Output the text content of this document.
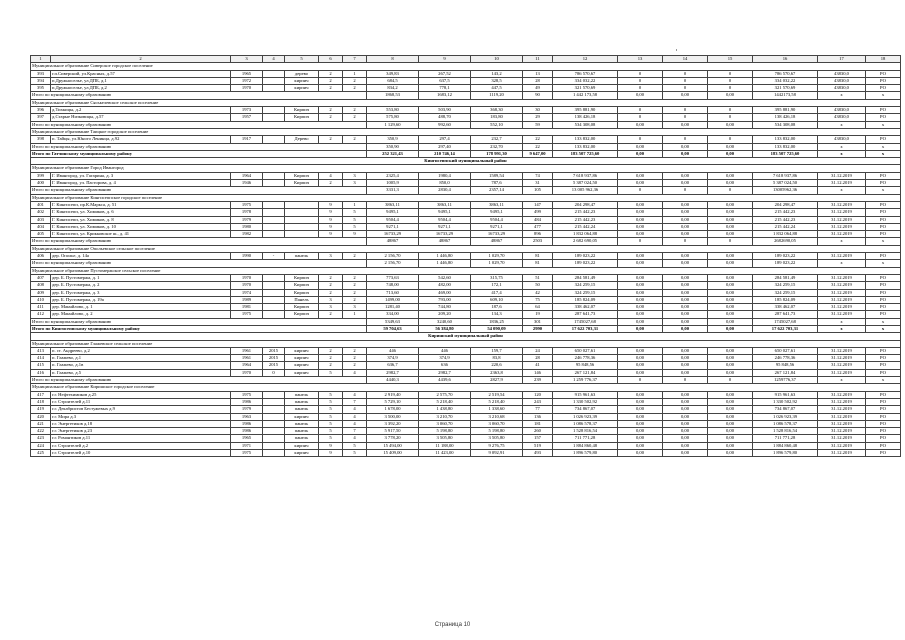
1	2	3	4	5	6	7	8	9	10	11	12	13	14	15	16	17	18
Муниципальное образование Сиверское городское поселение																	
393	г.п.Сиверский, ул.Красных, д.57	1965		дерево	2	1	349,83	267,52	143,2	13	786 570,67	0	0	0	786 570,67	43830,0	РО
394	п.Дружноселье, ул.ДПБ, д.1	1972		кирпич	2	2	684,5	637,5	328,5	28	334 032,22	0	0	0	334 032,22	43830,0	РО
395	п.Дружноселье, ул.ДПБ, д.2	1970		кирпич	2	2	834,2	778,1	447,5	49	321 570,69	0	0	0	321 570,69	43830,0	РО
Итого по муниципальному образованию							1868,53	1683,12	1119,20	90	1 442 173,58	0,00	0,00	0,00	1442173,58	х	х
Муниципальное образование Сяськелевское сельское поселение																	
396	д.Тихкицы, д.2	1973		Кирпич	2	2	553,80	503,90	368,30	30	395 881,90	0	0	0	395 881,90	43830,0	РО
397	д.Старые Низковицы, д.57	1957		Кирпич	2	2	575,80	488,70	183,80	29	138 426,18	0	0	0	138 426,18	43830,0	РО
Итого по муниципальному образованию							1 129,60	992,60	552,10	59	534 308,08	0,00	0,00	0,00	534 308,08	х	х
Муниципальное образование Таицкое городское поселение																	
398	п. Тайцы, ул.Юного Ленинца, д.92	1917		Дерево	2	2	350,9	297,4	232,7	22	133 832,00	0	0	0	133 832,00	43830,0	РО
Итого по муниципальному образованию							350,90	297,40	232,70	22	133 832,00	0,00	0,00	0,00	133 832,00	х	х
Итого по Гатчинскому муниципальному району							252 321,43	210 746,14	178 991,30	9 647,00	183 507 725,60	0,00	0,00	0,00	183 507 725,60	х	х
Кингисеппский муниципальный район																	
Муниципальное образование Город Ивангород																	
399	Г. Ивангород, ул. Гагарина, д. 3	1964		Кирпич	4	3	2325,4	1980,4	1589,54	74	7 618 937,86	0,00	0,00	0,00	7 618 937,86	31.12.2019	РО
400	Г. Ивангород, ул. Пасторова, д. 4	1946		Кирпич	2	3	1005,9	850,0	787,6	31	5 387 024,50	0,00	0,00	0,00	5 387 024,50	31.12.2019	РО
Итого по муниципальному образованию							3331,3	2830,4	2357,14	105	13 005 962,36	0	0	0	13005962,36	х	х
Муниципальное образование Кингисеппское городское поселение																	
401	Г. Кингисепп, пр.К.Маркса, д. 51	1975			9	1	3863,11	3863,11	3863,11	147	204 298,47	0,00	0,00	0,00	204 298,47	31.12.2019	РО
402	Г. Кингисепп, ул. Химиков, д. 6	1978			9	5	9495,1	9495,1	9495,1	499	215 442,23	0,00	0,00	0,00	215 442,23	31.12.2019	РО
403	Г. Кингисепп, ул. Химиков, д. 8	1979			9	5	9504,4	9504,4	9504,4	484	215 442,23	0,00	0,00	0,00	215 442,23	31.12.2019	РО
404	Г. Кингисепп, ул. Химиков, д. 10	1980			9	5	9271,1	9271,1	9271,1	477	215 442,24	0,00	0,00	0,00	215 442,24	31.12.2019	РО
405	Г. Кингисепп, ул. Крикковское ш., д. 41	1982			9	9	16733,29	16733,29	16733,29	896	1 832 064,88	0,00	0,00	0,00	1 832 064,88	31.12.2019	РО
Итого по муниципальному образованию							48867	48867	48867	2503	2 682 690,05	0	0	0	2682690,05	х	х
Муниципальное образование Опольевское сельское поселение																	
406	дер. Ополье, д. 14а	1990	-	панель	3	2	2 156,70	1 446,80	1 029,70	81	189 023,22	0,00	0,00	0,00	189 023,22	31.12.2019	РО
Итого по муниципальному образованию							2 156,70	1 446,80	1 029,70	81	189 023,22	0,00	0,00	0,00	189 023,22	х	х
Муниципальное образование Пустомержское сельское поселение																	
407	дер. Б. Пустомержа, д. 1	1970		Кирпич	2	2	773,63	542,60	315,75	51	284 581,49	0,00	0,00	0,00	284 581,49	31.12.2019	РО
408	дер. Б. Пустомержа, д. 2	1970		Кирпич	2	2	748,00	482,00	172,1	50	324 259,15	0,00	0,00	0,00	324 259,15	31.12.2019	РО
409	дер. Б. Пустомержа, д. 3	1974		Кирпич	2	2	713,60	469,00	417,4	42	324 259,15	0,00	0,00	0,00	324 259,15	31.12.2019	РО
410	дер. Б. Пустомержа, д. 19а	1989		Панель	3	2	1499,00	793,00	609,10	75	185 824,09	0,00	0,00	0,00	185 824,09	31.12.2019	РО
411	дер. Манuйлово, д. 1	1981		Кирпич	3	3	1281,40	744,80	187,6	64	338 462,07	0,00	0,00	0,00	338 462,07	31.12.2019	РО
412	дер. Манuйлово, д. 2	1975		Кирпич	2	1	334,00	209,20	134,3	19	287 641,73	0,00	0,00	0,00	287 641,73	31.12.2019	РО
Итого по муниципальному образованию							5349,63	3240,60	1836,25	301	1745027,68	0,00	0,00	0,00	1745027,68	х	х
Итого по Кингисеппскому муниципальному району							59 704,63	56 384,80	54 090,09	2990	17 622 703,31	0,00	0,00	0,00	17 622 703,31	х	х
Киришский муниципальный район																	
Муниципальное образование Глажевское сельское поселение																	
413	п. ст. Андреево, д.2	1961	2015	кирпич	2	2	446	446	159,7	24	650 027,61	0,00	0,00	0,00	650 027,61	31.12.2019	РО
414	п. Глажево, д.1	1961	2015	кирпич	2	2	374,9	374,9	83,8	28	246 778,36	0,00	0,00	0,00	246 778,36	31.12.2019	РО
415	п. Глажево, д.1в	1964	2015	кирпич	2	2	636,7	636	220,6	41	95 848,56	0,00	0,00	0,00	95 848,56	31.12.2019	РО
416	п. Глажево, д.5	1970	0	кирпич	5	4	2982,7	2982,7	2363,8	146	267 121,84	0,00	0,00	0,00	267 121,84	31.12.2019	РО
Итого по муниципальному образованию							4440,3	4439,6	2827,9	239	1 259 776,37	0	0	0	1259776,37	х	х
Муниципальное образование Киришское городское поселение																	
417	г.г. Нефтехимиков д.25	1975		панель	5	4	2 919,40	2 575,70	2 519,54	120	915 961,63	0,00	0,00	0,00	915 961,63	31.12.2019	РО
418	г.г. Строителей д.11	1986		панель	5	7	5 729,10	5 218,40	5 218,40	243	1 330 502,92	0,00	0,00	0,00	1 330 502,92	31.12.2019	РО
419	г.г. Декабристов Бестужевых д.9	1979		панель	5	4	1 678,00	1 438,80	1 338,60	77	734 867,07	0,00	0,00	0,00	734 867,07	31.12.2019	РО
420	г.г. Мира д.3	1963		кирпич	5	4	3 500,00	3 210,70	3 210,68	136	1 026 923,39	0,00	0,00	0,00	1 026 923,39	31.12.2019	РО
421	г.г. Энергетиков д.18	1986		панель	5	4	3 392,20	3 060,70	3 060,70	181	1 086 578,37	0,00	0,00	0,00	1 086 578,37	31.12.2019	РО
422	г.г. Энергетиков д.23	1986		панель	5	7	5 917,50	5 198,80	5 198,80	260	1 528 816,54	0,00	0,00	0,00	1 528 816,54	31.12.2019	РО
423	г.г. Романтиков д.11	1965		панель	5	4	3 778,20	3 505,80	3 505,80	157	711 771,28	0,00	0,00	0,00	711 771,28	31.12.2019	РО
424	г.г. Строителей д.2	1971		кирпич	9	5	15 494,00	11 188,00	9 276,75	519	1 884 860,48	0,00	0,00	0,00	1 884 860,48	31.12.2019	РО
425	г.г. Строителей д.10	1975		кирпич	9	5	15 409,00	11 423,00	9 092,91	493	1 896 579,80	0,00	0,00	0,00	1 896 579,80	31.12.2019	РО
Страница 10
